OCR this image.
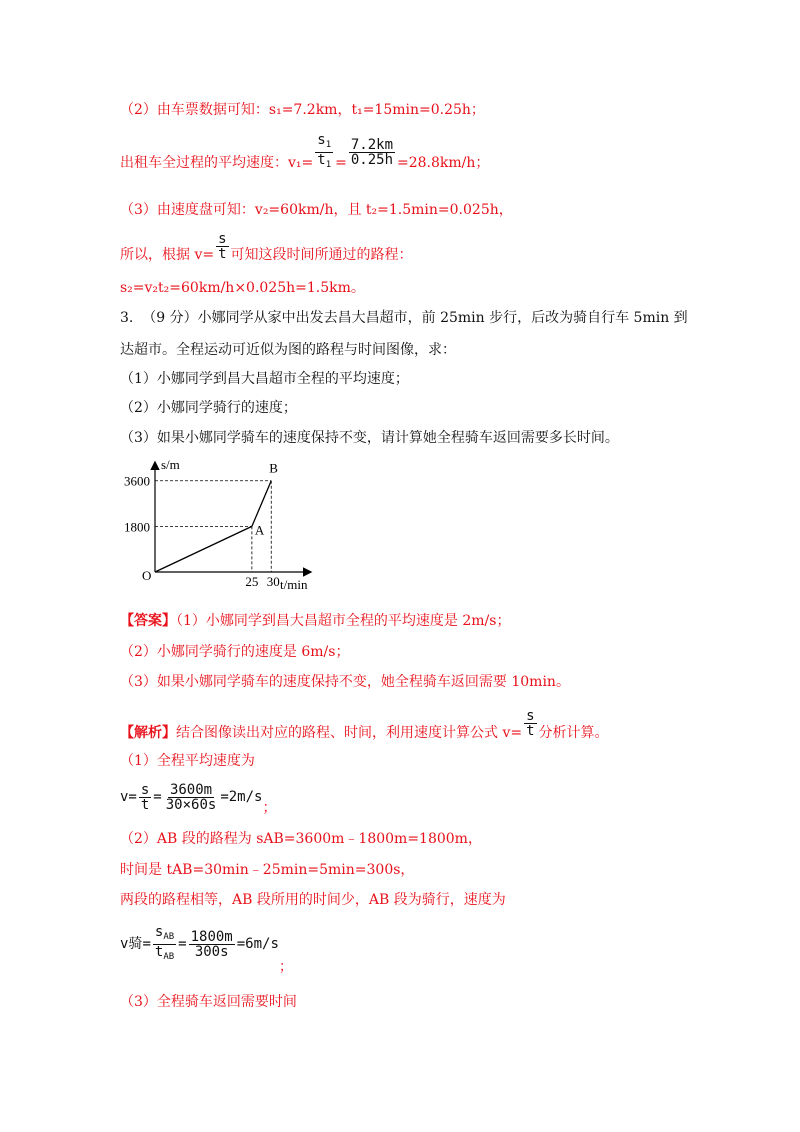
（2）由车票数据可知：s₁=7.2km，t₁=15min=0.25h；
出租车全过程的平均速度：$v_1= \frac{s_1}{t_1} = \frac{7.2km}{0.25h} =28.8km/h$；
（3）由速度盘可知：v₂=60km/h，且 t₂=1.5min=0.025h，
所以，根据 $v= \frac{s}{t}$ 可知这段时间所通过的路程：
s₂=v₂t₂=60km/h×0.025h=1.5km。
3.  （9 分）小娜同学从家中出发去昌大昌超市，前 25min 步行，后改为骑自行车 5min 到
达超市。全程运动可近似为图的路程与时间图像，求：
（1）小娜同学到昌大昌超市全程的平均速度；
（2）小娜同学骑行的速度；
（3）如果小娜同学骑车的速度保持不变，请计算她全程骑车返回需要多长时间。
O
A
B
3600
1800
25 30
s/m
t/min
【答案】（1）小娜同学到昌大昌超市全程的平均速度是 2m/s；
（2）小娜同学骑行的速度是 6m/s；
（3）如果小娜同学骑车的速度保持不变，她全程骑车返回需要 10min。
【解析】 结合图像读出对应的路程、时间，利用速度计算公式 $v= \frac{s}{t}$ 分析计算。
（1）全程平均速度为
$v= \frac{s}{t} = \frac{3600m}{30\times 60s} =2m/s$
；
（2）AB 段的路程为 sAB=3600m﹣1800m=1800m，
时间是 tAB=30min﹣25min=5min=300s，
两段的路程相等，AB 段所用的时间少，AB 段为骑行，速度为
v骑 = $\frac{s_{AB}}{t_{AB}} = \frac{1800m}{300s} =6m/s$
；
（3）全程骑车返回需要时间
